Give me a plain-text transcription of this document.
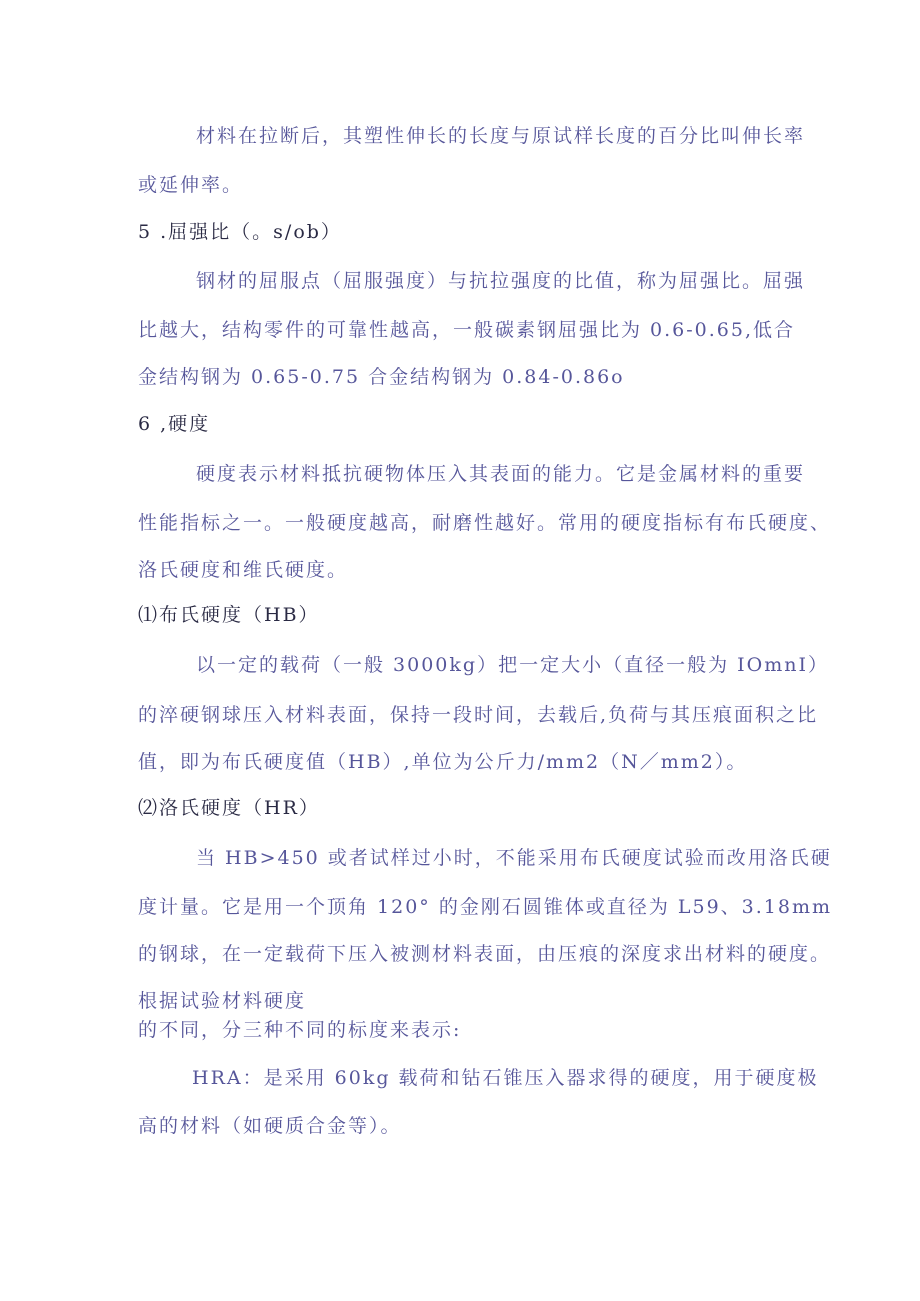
材料在拉断后，其塑性伸长的长度与原试样长度的百分比叫伸长率
或延伸率。
5 .屈强比（。s/ob）
钢材的屈服点（屈服强度）与抗拉强度的比值，称为屈强比。屈强
比越大，结构零件的可靠性越高，一般碳素钢屈强比为 0.6-0.65,低合
金结构钢为 0.65-0.75 合金结构钢为 0.84-0.86o
6 ,硬度
硬度表示材料抵抗硬物体压入其表面的能力。它是金属材料的重要
性能指标之一。一般硬度越高，耐磨性越好。常用的硬度指标有布氏硬度、
洛氏硬度和维氏硬度。
⑴布氏硬度（HB）
以一定的载荷（一般 3000kg）把一定大小（直径一般为 IOmnI）
的淬硬钢球压入材料表面，保持一段时间，去载后,负荷与其压痕面积之比
值，即为布氏硬度值（HB）,单位为公斤力/mm2（N／mm2）。
⑵洛氏硬度（HR）
当 HB>450 或者试样过小时，不能采用布氏硬度试验而改用洛氏硬
度计量。它是用一个顶角 120° 的金刚石圆锥体或直径为 L59、3.18mm
的钢球，在一定载荷下压入被测材料表面，由压痕的深度求出材料的硬度。
根据试验材料硬度
的不同，分三种不同的标度来表示:
HRA：是采用 60kg 载荷和钻石锥压入器求得的硬度，用于硬度极
高的材料（如硬质合金等）。
